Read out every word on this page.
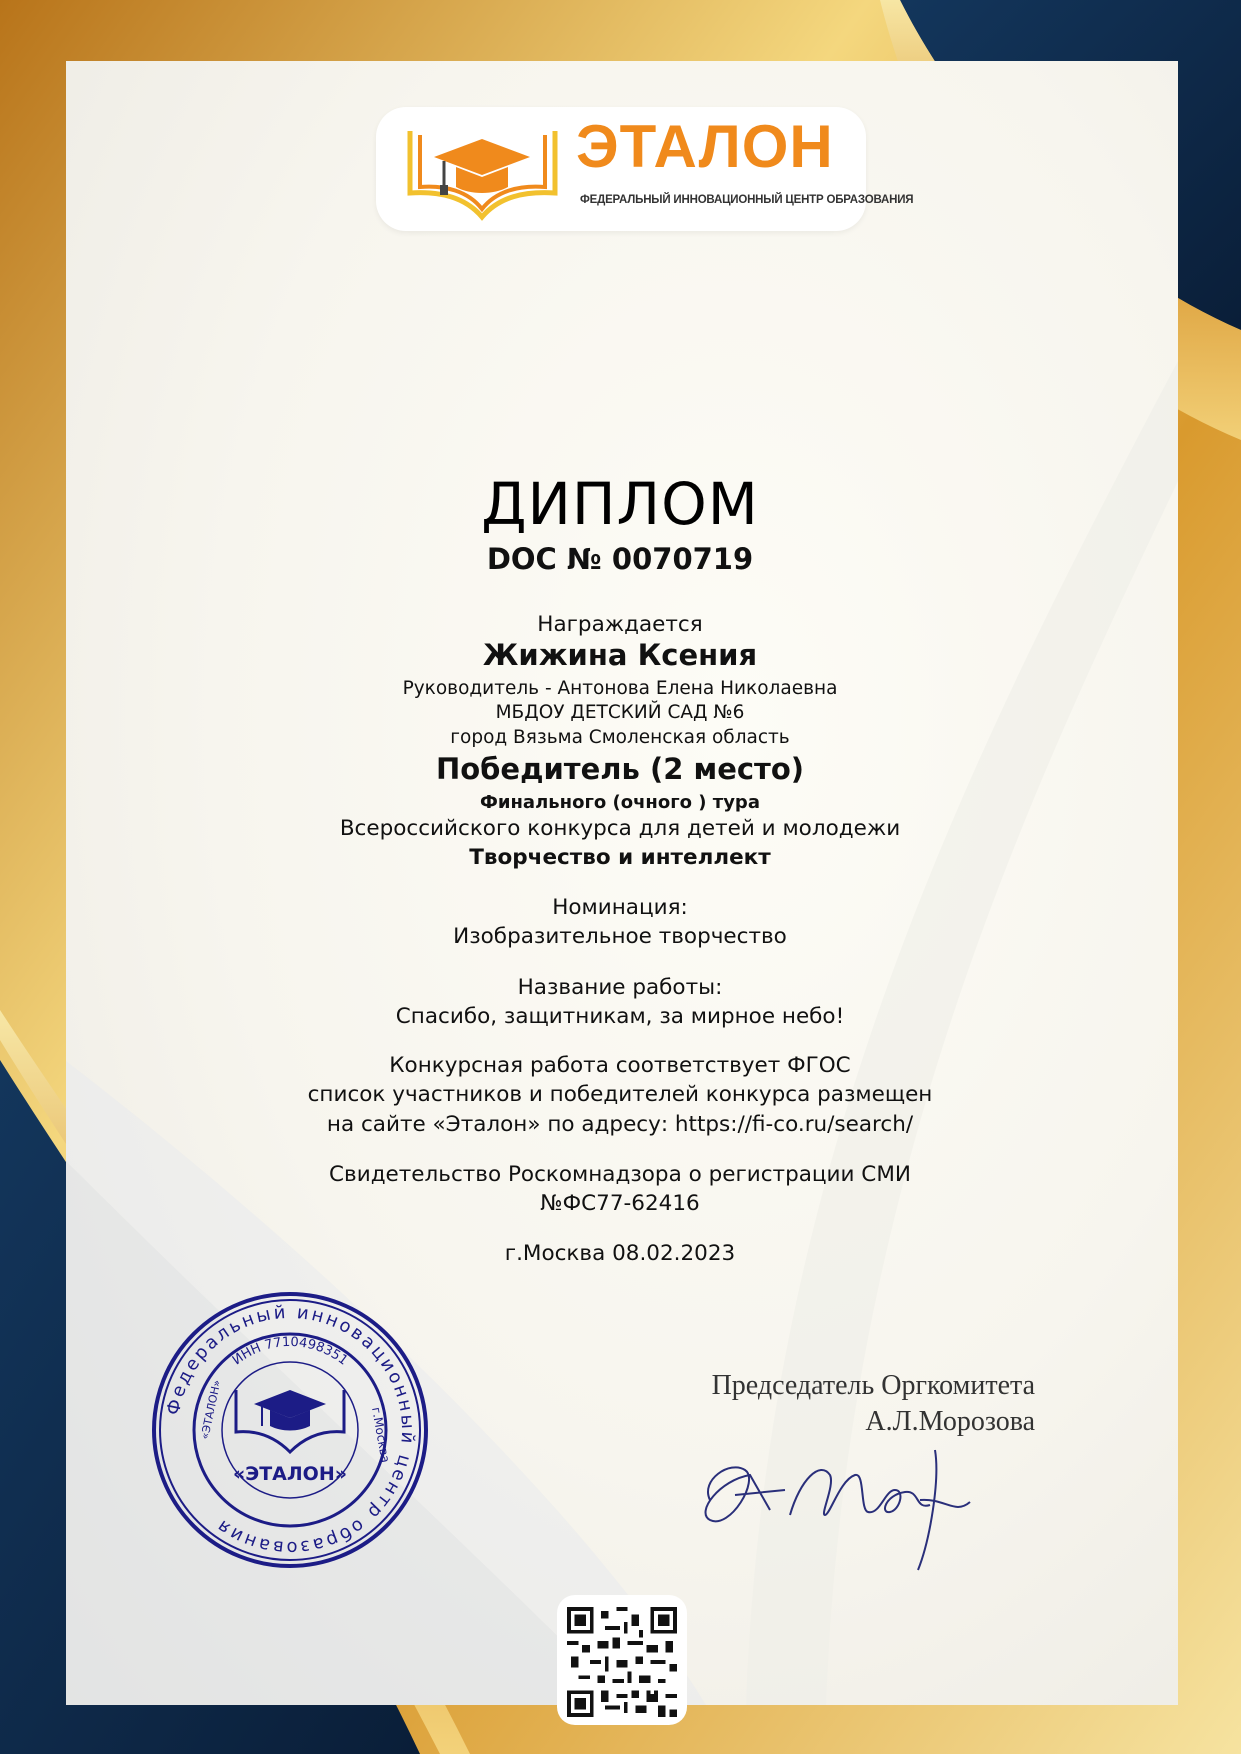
ЭТАЛОН
ФЕДЕРАЛЬНЫЙ ИННОВАЦИОННЫЙ ЦЕНТР ОБРАЗОВАНИЯ
ДИПЛОМ
DOC № 0070719
Награждается
Жижина Ксения
Руководитель - Антонова Елена Николаевна
МБДОУ ДЕТСКИЙ САД №6
город Вязьма Смоленская область
Победитель (2 место)
Финального (очного ) тура
Всероссийского конкурса для детей и молодежи
Творчество и интеллект
Номинация:
Изобразительное творчество
Название работы:
Спасибо, защитникам, за мирное небо!
Конкурсная работа соответствует ФГОС
список участников и победителей конкурса размещен
на сайте «Эталон» по адресу: https://fi-co.ru/search/
Свидетельство Роскомнадзора о регистрации СМИ
№ФС77-62416
г.Москва 08.02.2023
Федеральный инновационный центр образования
ИНН 7710498351
«ЭТАЛОН»
«ЭТАЛОН»	г.Москва
Председатель Оргкомитета
А.Л.Морозова
